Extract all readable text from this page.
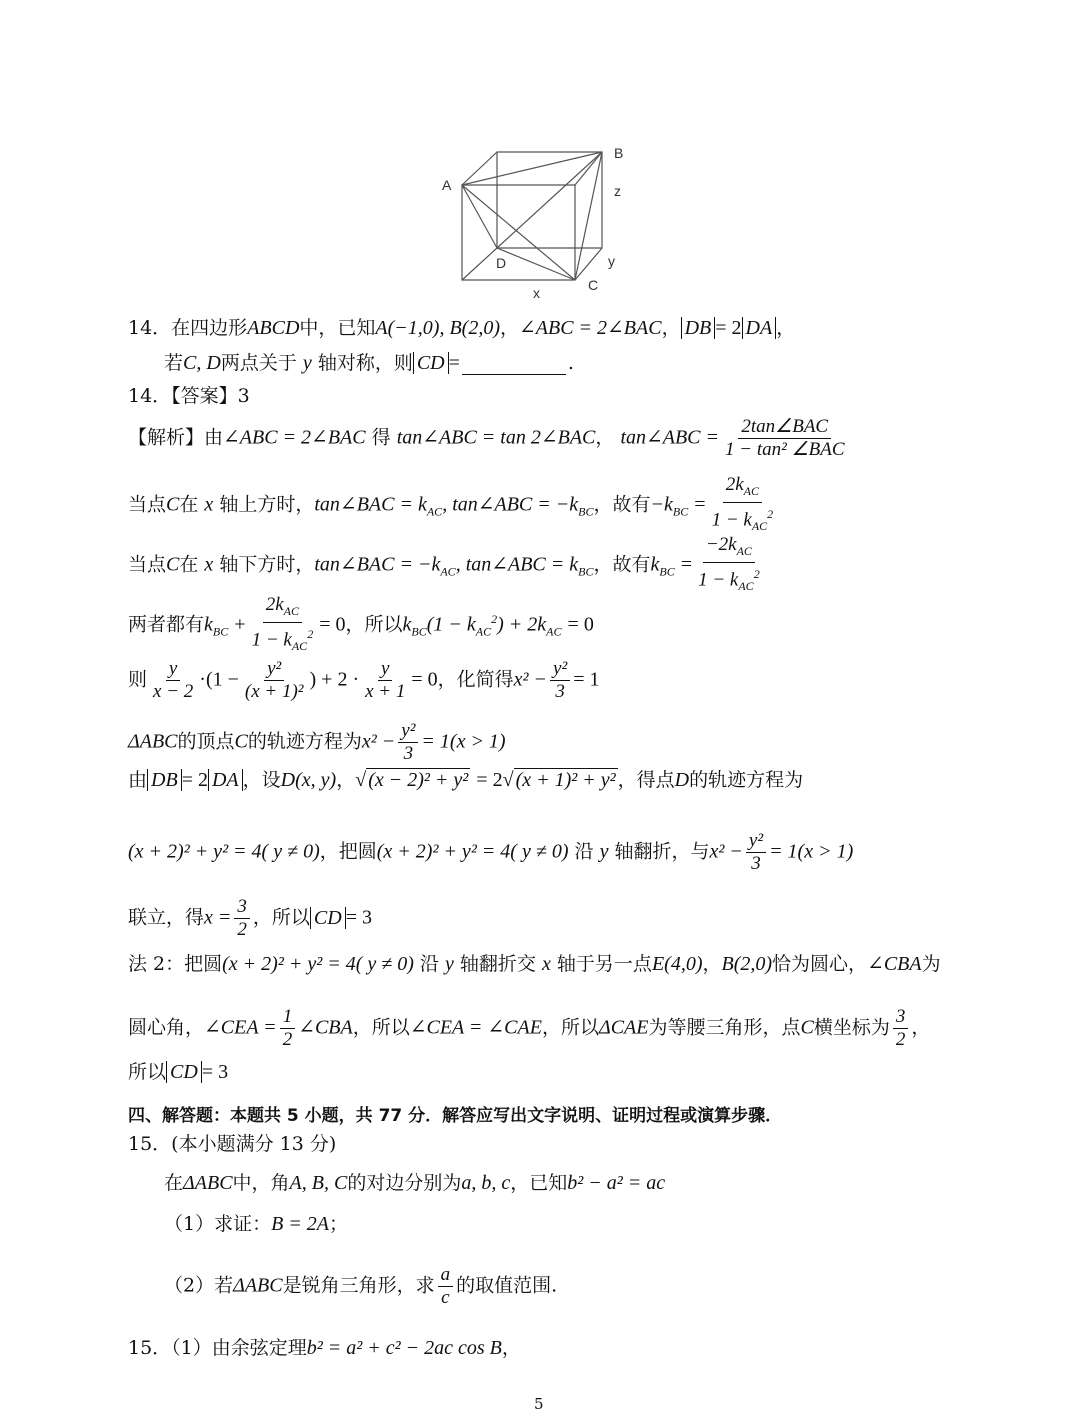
A
B
z
D	y
C
x
14．在四边形ABCD中，已知A(−1,0), B(2,0)，∠ABC = 2∠BAC， DB = 2 DA ，
若C, D两点关于 y 轴对称，则 CD =	.
14．【答案】3
【解析】由∠ABC = 2∠BAC 得 tan∠ABC = tan 2∠BAC， tan∠ABC = $\frac{\text{2tan∠BAC}}{\text{1 − tan² ∠BAC}}$
当点C在 x 轴上方时，tan∠BAC = $k_{AC}$, tan∠ABC = $-k_{BC}$，故有$-k_{BC} = \frac{2k_{AC}}{1 - k_{AC}^2}$
当点C在 x 轴下方时，tan∠BAC = $-k_{AC}$, tan∠ABC = $k_{BC}$，故有$k_{BC} = \frac{-2k_{AC}}{1 - k_{AC}^2}$
两者都有$k_{BC} + \frac{2k_{AC}}{1 - k_{AC}^2} = 0$，所以$k_{BC}(1 - k_{AC}^2) + 2k_{AC} = 0$
则 $\frac{y}{x - 2} \cdot(1 - \frac{\text{y²}}{\text{(x + 1)²}}$ ) + $2 \cdot \frac{y}{x + 1} = 0$，化简得$x^2 - \frac{\text{y²}}{3} = 1$
ΔABC的顶点C的轨迹方程为$x^2 - \frac{\text{y²}}{3} = 1(x > 1)$
由 DB = 2 DA ，设D(x, y)，√ (x − 2)² + y² = 2√ (x + 1)² + y² ，得点D的轨迹方程为
(x + 2)² + y² = 4( y ≠ 0)，把圆(x + 2)² + y² = 4( y ≠ 0) 沿 y 轴翻折，与$x^2 - \frac{\text{y²}}{3} = 1(x > 1)$
联立，得$x = \frac{3}{2}$ ，所以 CD = 3
法 2：把圆(x + 2)² + y² = 4( y ≠ 0) 沿 y 轴翻折交 x 轴于另一点E(4,0)，B(2,0)恰为圆心，∠CBA为
圆心角，∠CEA = $\frac{1}{2}$ ∠CBA，所以∠CEA = ∠CAE，所以ΔCAE为等腰三角形，点C横坐标为 $\frac{3}{2}$ ，
所以 CD = 3
四、解答题：本题共 5 小题，共 77 分．解答应写出文字说明、证明过程或演算步骤．
15．(本小题满分 13 分)
在ΔABC中，角A, B, C的对边分别为a, b, c，已知b² − a² = ac
（1）求证：B = 2A；
（2）若ΔABC是锐角三角形，求 $\frac{a}{c}$ 的取值范围.
15．（1）由余弦定理b² = a² + c² − 2ac cos B，
5
